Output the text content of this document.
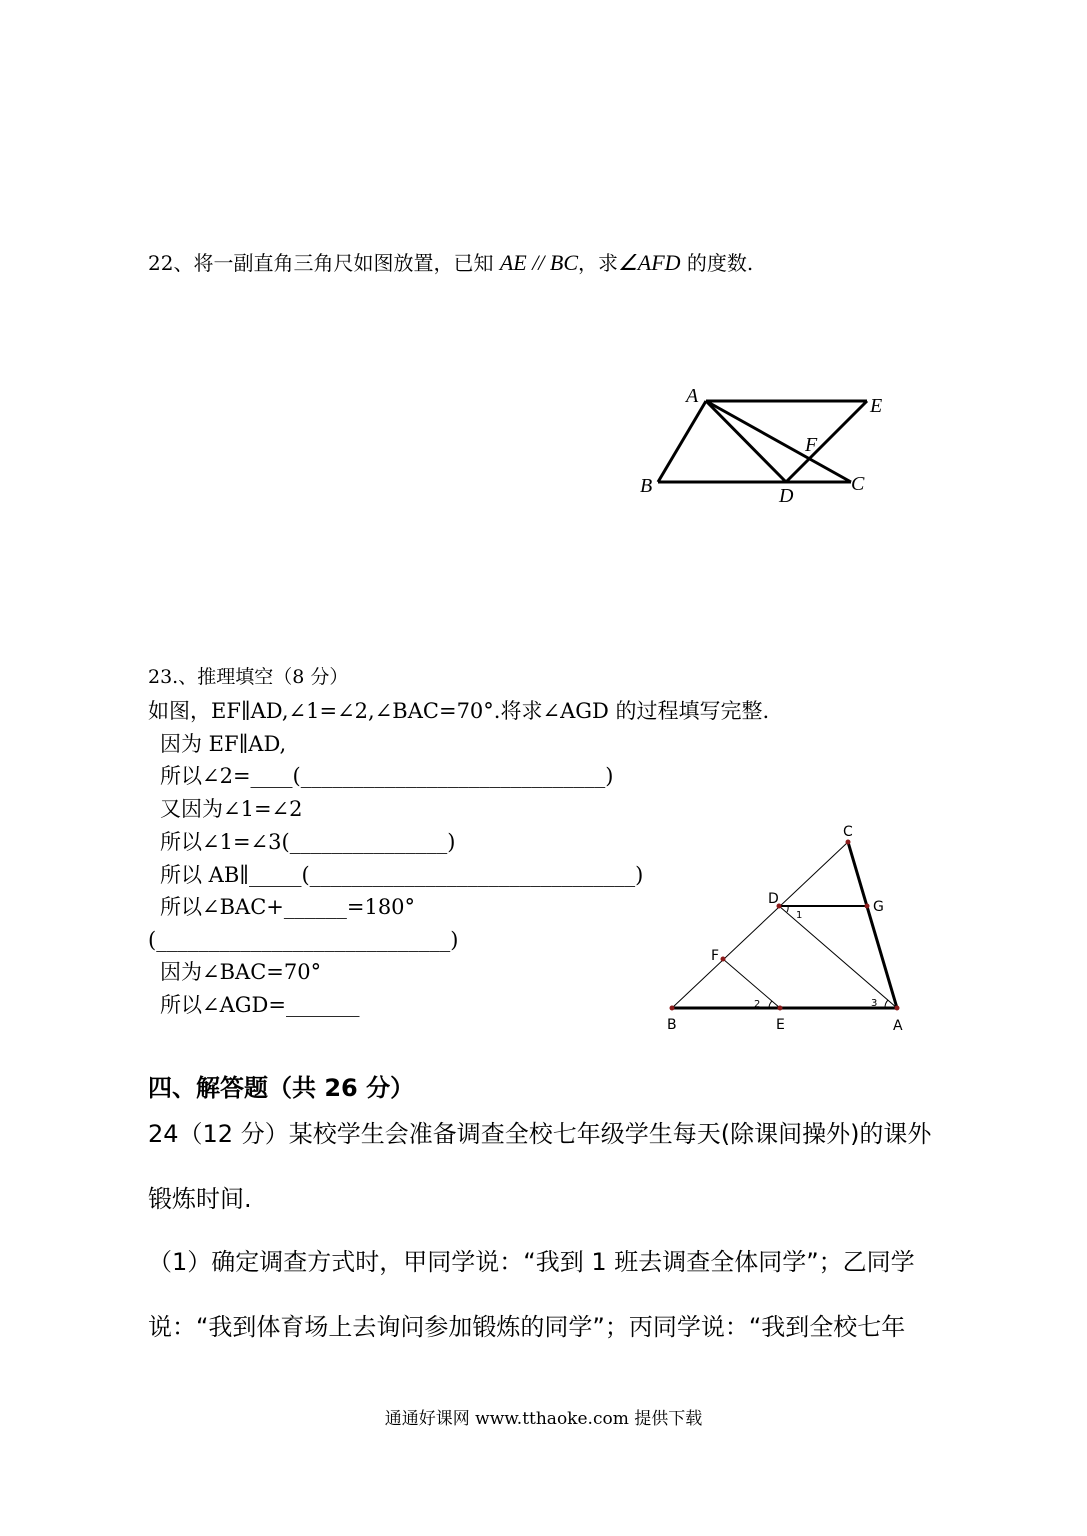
22、将一副直角三角尺如图放置，已知 AE // BC，求∠AFD 的度数.
A	E
F
B	D
C
23.、推理填空（8 分）
如图，EF∥AD,∠1=∠2,∠BAC=70°.将求∠AGD 的过程填写完整.
因为 EF∥AD,
所以∠2=____(_____________________________)
又因为∠1=∠2
所以∠1=∠3(_______________)
所以 AB∥_____(_______________________________)
所以∠BAC+______=180°
(____________________________)
因为∠BAC=70°
所以∠AGD=_______
C
D	G
F
B	E	A
1
2	3
四、解答题（共 26 分）
24（12 分）某校学生会准备调查全校七年级学生每天(除课间操外)的课外
锻炼时间.
（1）确定调查方式时，甲同学说：“我到 1 班去调查全体同学”；乙同学
说：“我到体育场上去询问参加锻炼的同学”；丙同学说：“我到全校七年
通通好课网 www.tthaoke.com 提供下载
